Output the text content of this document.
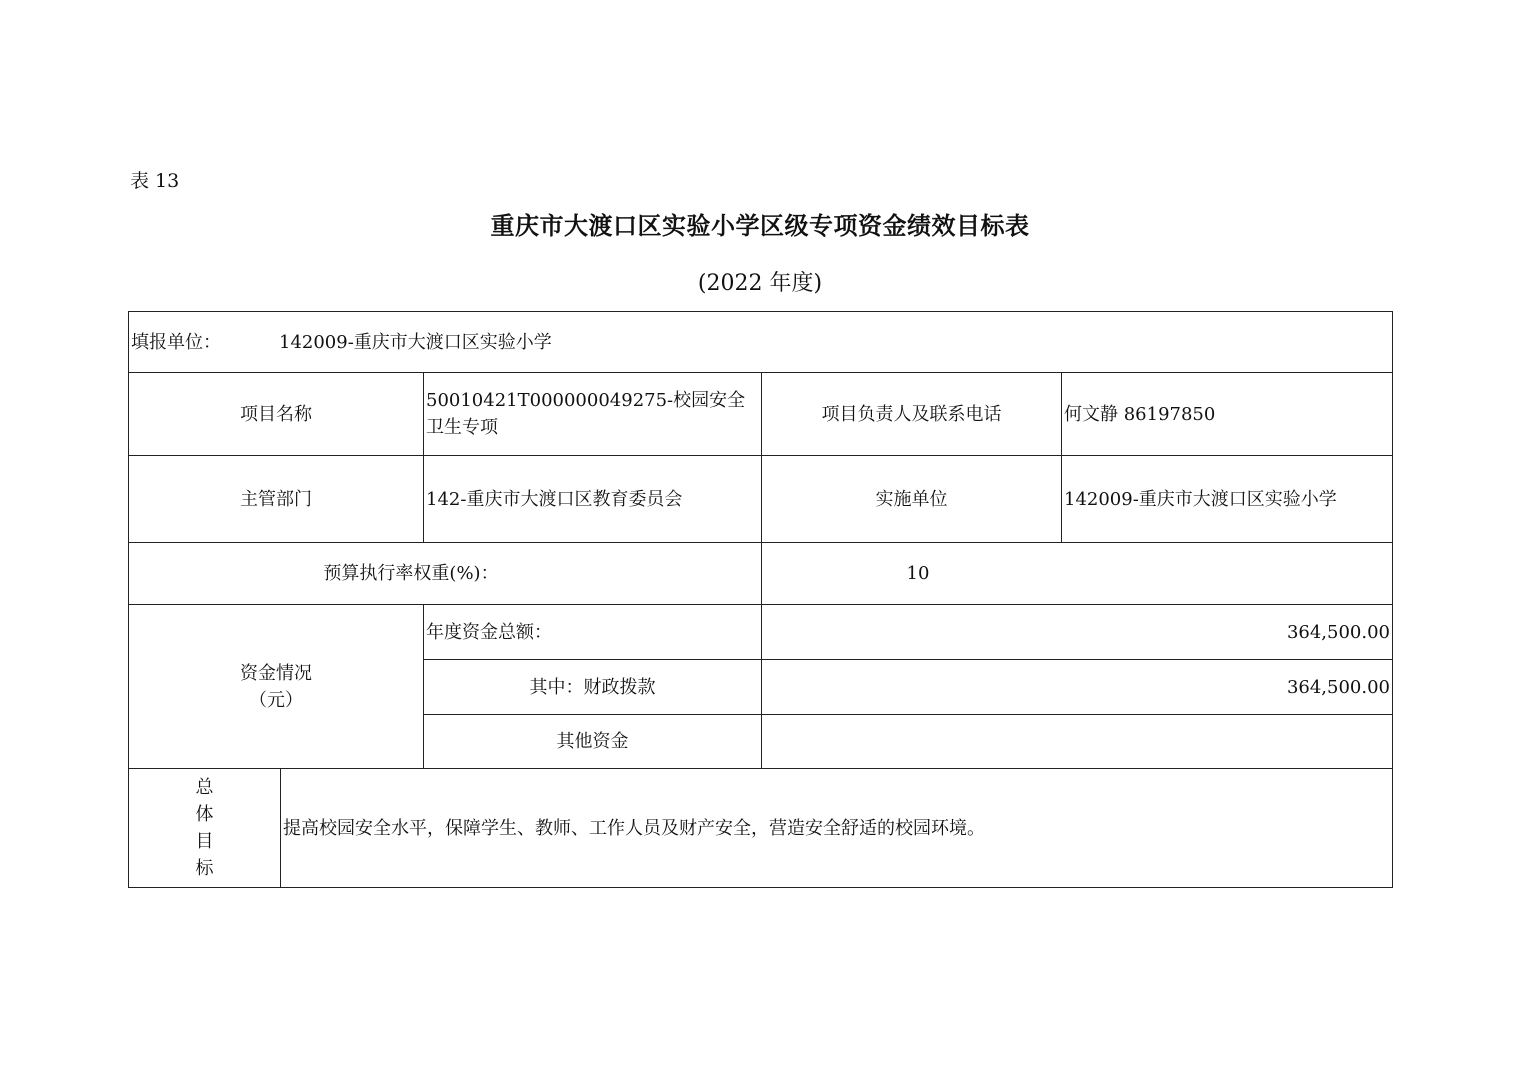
表 13
重庆市大渡口区实验小学区级专项资金绩效目标表
(2022 年度)
填报单位： 142009-重庆市大渡口区实验小学				
项目名称		50010421T000000049275-校园安全卫生专项	项目负责人及联系电话	何文静 86197850
主管部门		142-重庆市大渡口区教育委员会	实施单位	142009-重庆市大渡口区实验小学
预算执行率权重(%)：			10	

资金情况
（元）		年度资金总额：	364,500.00	
		其中：财政拨款	364,500.00	
		其他资金		

总
体
目
标	提高校园安全水平，保障学生、教师、工作人员及财产安全，营造安全舒适的校园环境。			
